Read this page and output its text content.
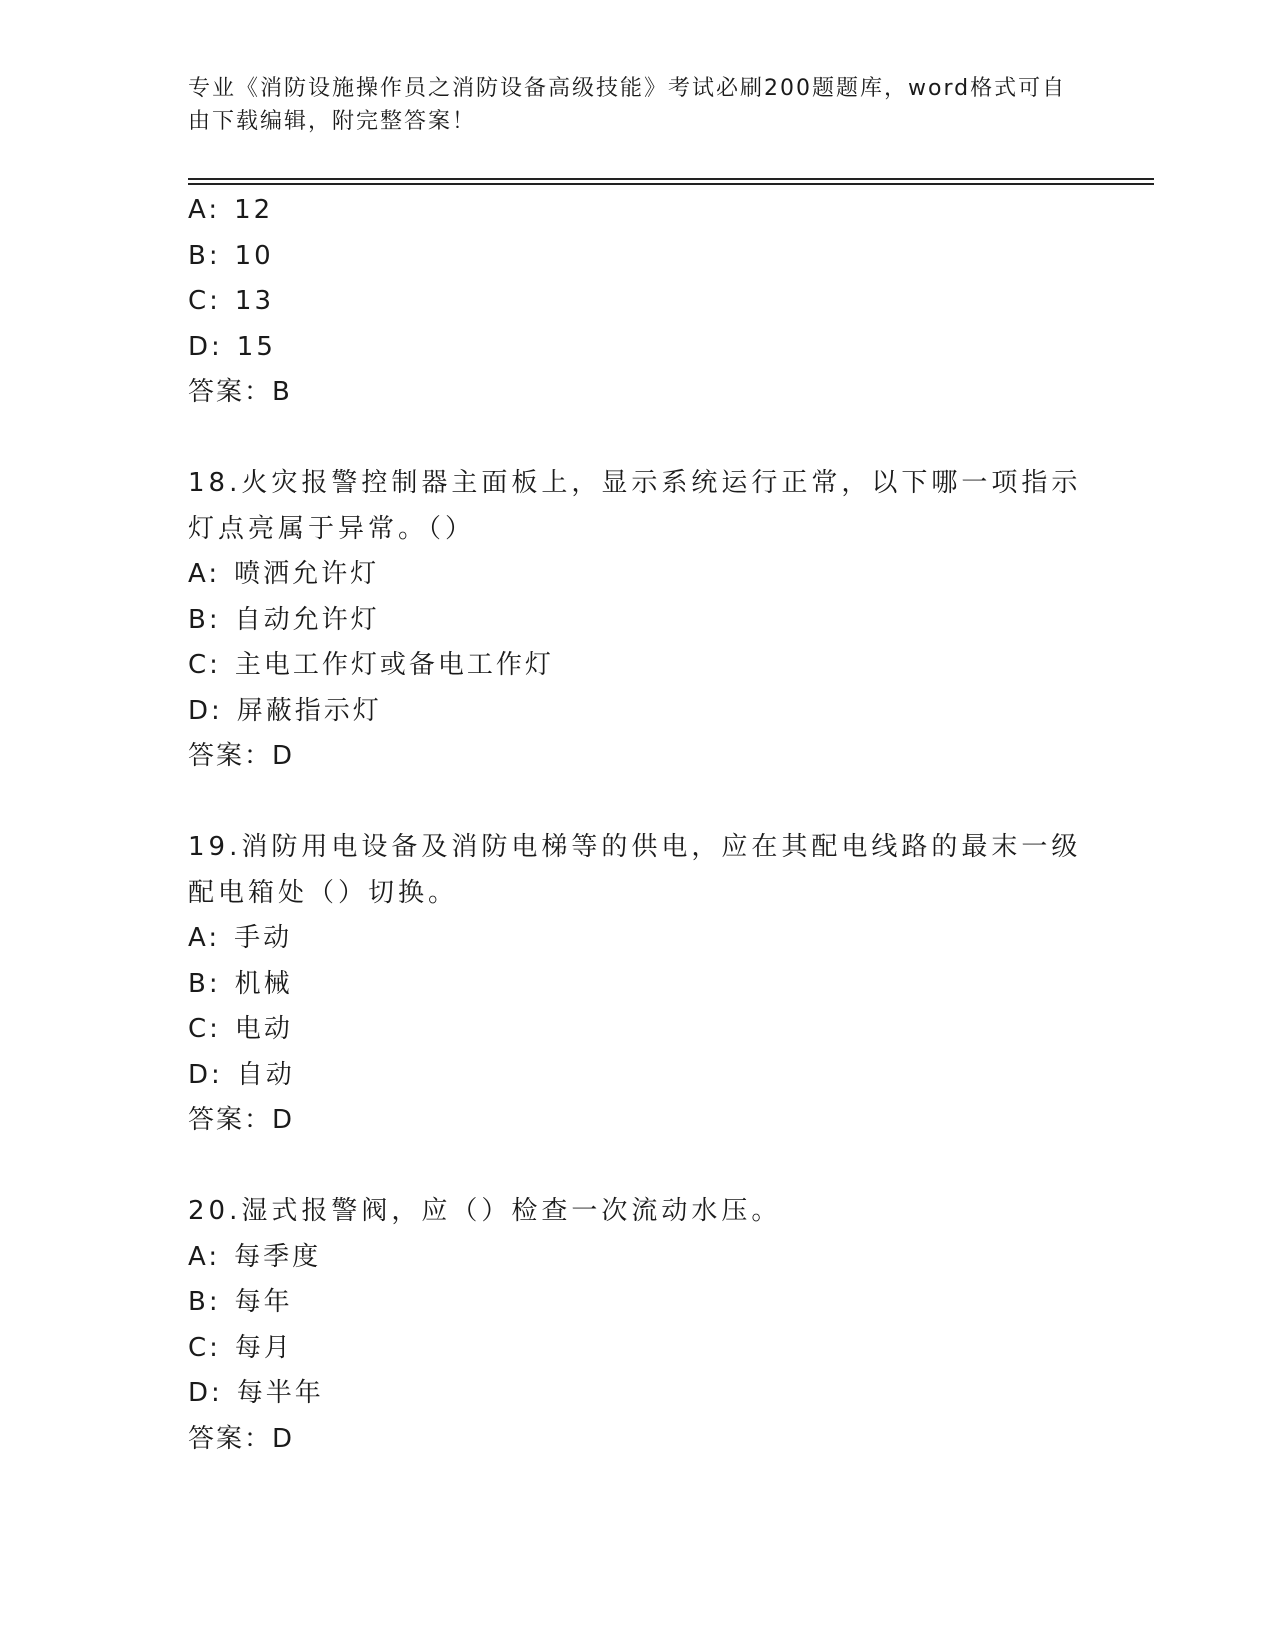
专业《消防设施操作员之消防设备高级技能》考试必刷200题题库，word格式可自由下载编辑，附完整答案！
A: 12
B: 10
C: 13
D: 15
答案：B
18.火灾报警控制器主面板上，显示系统运行正常，以下哪一项指示灯点亮属于异常。（）
A: 喷洒允许灯
B: 自动允许灯
C: 主电工作灯或备电工作灯
D: 屏蔽指示灯
答案：D
19.消防用电设备及消防电梯等的供电，应在其配电线路的最末一级配电箱处（）切换。
A: 手动
B: 机械
C: 电动
D: 自动
答案：D
20.湿式报警阀，应（）检查一次流动水压。
A: 每季度
B: 每年
C: 每月
D: 每半年
答案：D
